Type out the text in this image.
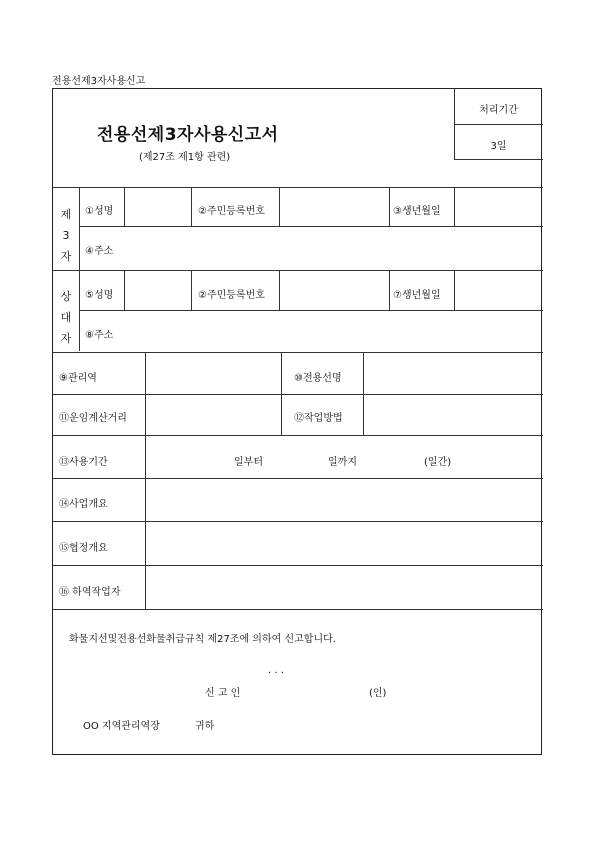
전용선제3자사용신고
전용선제3자사용신고서
(제27조 제1항 관련)
처리기간
3일
제
3
자
①성명	②주민등록번호	③생년월일
④주소
상
대
자
⑤성명	②주민등록번호	⑦생년월일
⑧주소
⑨관리역	⑩전용선명
⑪운임계산거리	⑫작업방법
⑬사용기간	일부터	일까지	(일간)
⑭사업개요
⑮협정개요
⑯ 하역작업자
화물지선및전용선화물취급규칙 제27조에 의하여 신고합니다.
. . .
신 고 인	(인)
OO 지역관리역장	귀하
